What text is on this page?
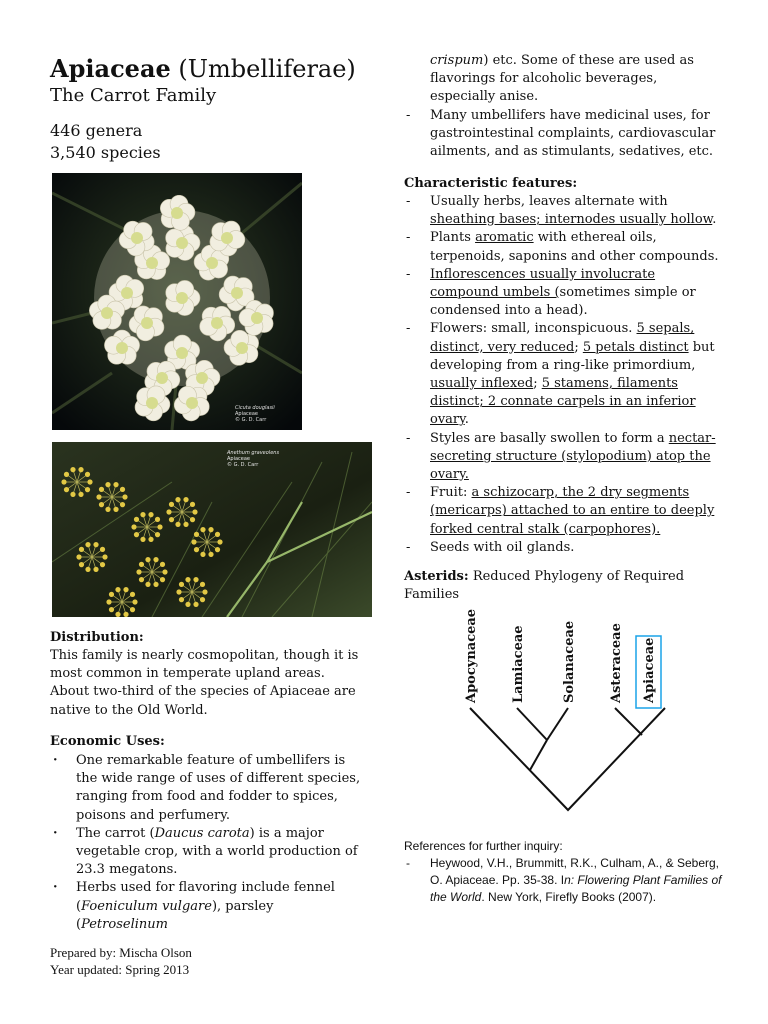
Apiaceae (Umbelliferae)
The Carrot Family
446 genera
3,540 species
Cicuta douglasii
Apiaceae
© G. D. Carr
Anethum graveolens
Apiaceae
© G. D. Carr
Distribution:
This family is nearly cosmopolitan, though it is most common in temperate upland areas. About two-third of the species of Apiaceae are native to the Old World.
Economic Uses:
· One remarkable feature of umbellifers is the wide range of uses of different species, ranging from food and fodder to spices, poisons and perfumery.
· The carrot (Daucus carota) is a major vegetable crop, with a world production of 23.3 megatons.
· Herbs used for flavoring include fennel (Foeniculum vulgare), parsley (Petroselinum
crispum) etc. Some of these are used as flavorings for alcoholic beverages, especially anise.
- Many umbellifers have medicinal uses, for gastrointestinal complaints, cardiovascular ailments, and as stimulants, sedatives, etc.
Characteristic features:
- Usually herbs, leaves alternate with sheathing bases; internodes usually hollow.
- Plants aromatic with ethereal oils, terpenoids, saponins and other compounds.
- Inflorescences usually involucrate compound umbels (sometimes simple or condensed into a head).
- Flowers: small, inconspicuous. 5 sepals, distinct, very reduced; 5 petals distinct but developing from a ring-like primordium, usually inflexed; 5 stamens, filaments distinct; 2 connate carpels in an inferior ovary.
- Styles are basally swollen to form a nectar-secreting structure (stylopodium) atop the ovary.
- Fruit: a schizocarp, the 2 dry segments (mericarps) attached to an entire to deeply forked central stalk (carpophores).
- Seeds with oil glands.
Asterids: Reduced Phylogeny of Required Families
Apocynaceae Lamiaceae	Solanaceae Asteraceae Apiaceae
References for further inquiry:
- Heywood, V.H., Brummitt, R.K., Culham, A., & Seberg, O. Apiaceae. Pp. 35-38. In: Flowering Plant Families of the World. New York, Firefly Books (2007).
Prepared by: Mischa Olson
Year updated: Spring 2013
